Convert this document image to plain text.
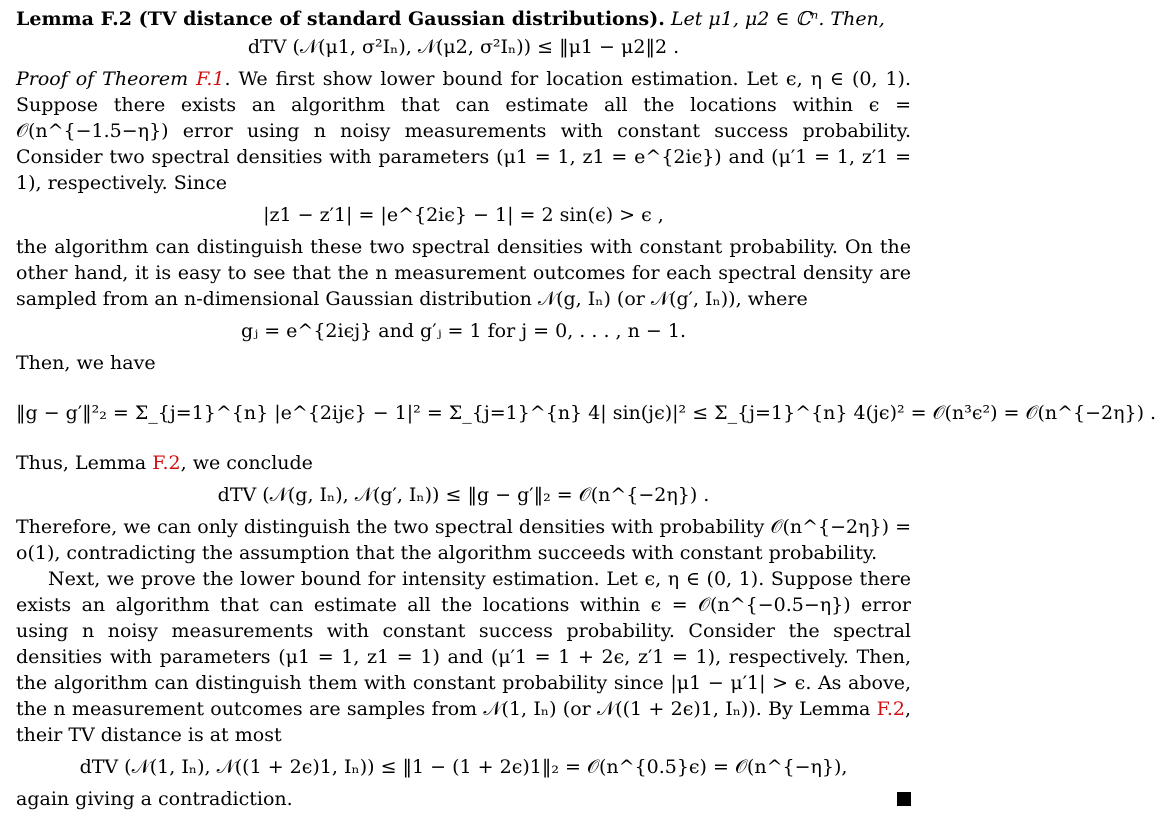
Lemma F.2 (TV distance of standard Gaussian distributions). Let μ1, μ2 ∈ ℂⁿ. Then,

dTV (𝒩(μ1, σ²Iₙ), 𝒩(μ2, σ²Iₙ)) ≤ ‖μ1 − μ2‖2 .

Proof of Theorem F.1. We first show lower bound for location estimation. Let ϵ, η ∈ (0, 1). Suppose there exists an algorithm that can estimate all the locations within ϵ = 𝒪(n^{−1.5−η}) error using n noisy measurements with constant success probability. Consider two spectral densities with parameters (μ1 = 1, z1 = e^{2iϵ}) and (μ′1 = 1, z′1 = 1), respectively. Since

|z1 − z′1| = |e^{2iϵ} − 1| = 2 sin(ϵ) > ϵ ,

the algorithm can distinguish these two spectral densities with constant probability. On the other hand, it is easy to see that the n measurement outcomes for each spectral density are sampled from an n-dimensional Gaussian distribution 𝒩(g, Iₙ) (or 𝒩(g′, Iₙ)), where

gⱼ = e^{2iϵj} and g′ⱼ = 1 for j = 0, . . . , n − 1.

Then, we have

‖g − g′‖²₂ = Σ_{j=1}^{n} |e^{2ijϵ} − 1|² = Σ_{j=1}^{n} 4| sin(jϵ)|² ≤ Σ_{j=1}^{n} 4(jϵ)² = 𝒪(n³ϵ²) = 𝒪(n^{−2η}) .

Thus, Lemma F.2, we conclude

dTV (𝒩(g, Iₙ), 𝒩(g′, Iₙ)) ≤ ‖g − g′‖₂ = 𝒪(n^{−2η}) .

Therefore, we can only distinguish the two spectral densities with probability 𝒪(n^{−2η}) = o(1), contradicting the assumption that the algorithm succeeds with constant probability.

Next, we prove the lower bound for intensity estimation. Let ϵ, η ∈ (0, 1). Suppose there exists an algorithm that can estimate all the locations within ϵ = 𝒪(n^{−0.5−η}) error using n noisy measurements with constant success probability. Consider the spectral densities with parameters (μ1 = 1, z1 = 1) and (μ′1 = 1 + 2ϵ, z′1 = 1), respectively. Then, the algorithm can distinguish them with constant probability since |μ1 − μ′1| > ϵ. As above, the n measurement outcomes are samples from 𝒩(1, Iₙ) (or 𝒩((1 + 2ϵ)1, Iₙ)). By Lemma F.2, their TV distance is at most

dTV (𝒩(1, Iₙ), 𝒩((1 + 2ϵ)1, Iₙ)) ≤ ‖1 − (1 + 2ϵ)1‖₂ = 𝒪(n^{0.5}ϵ) = 𝒪(n^{−η}),

again giving a contradiction.
